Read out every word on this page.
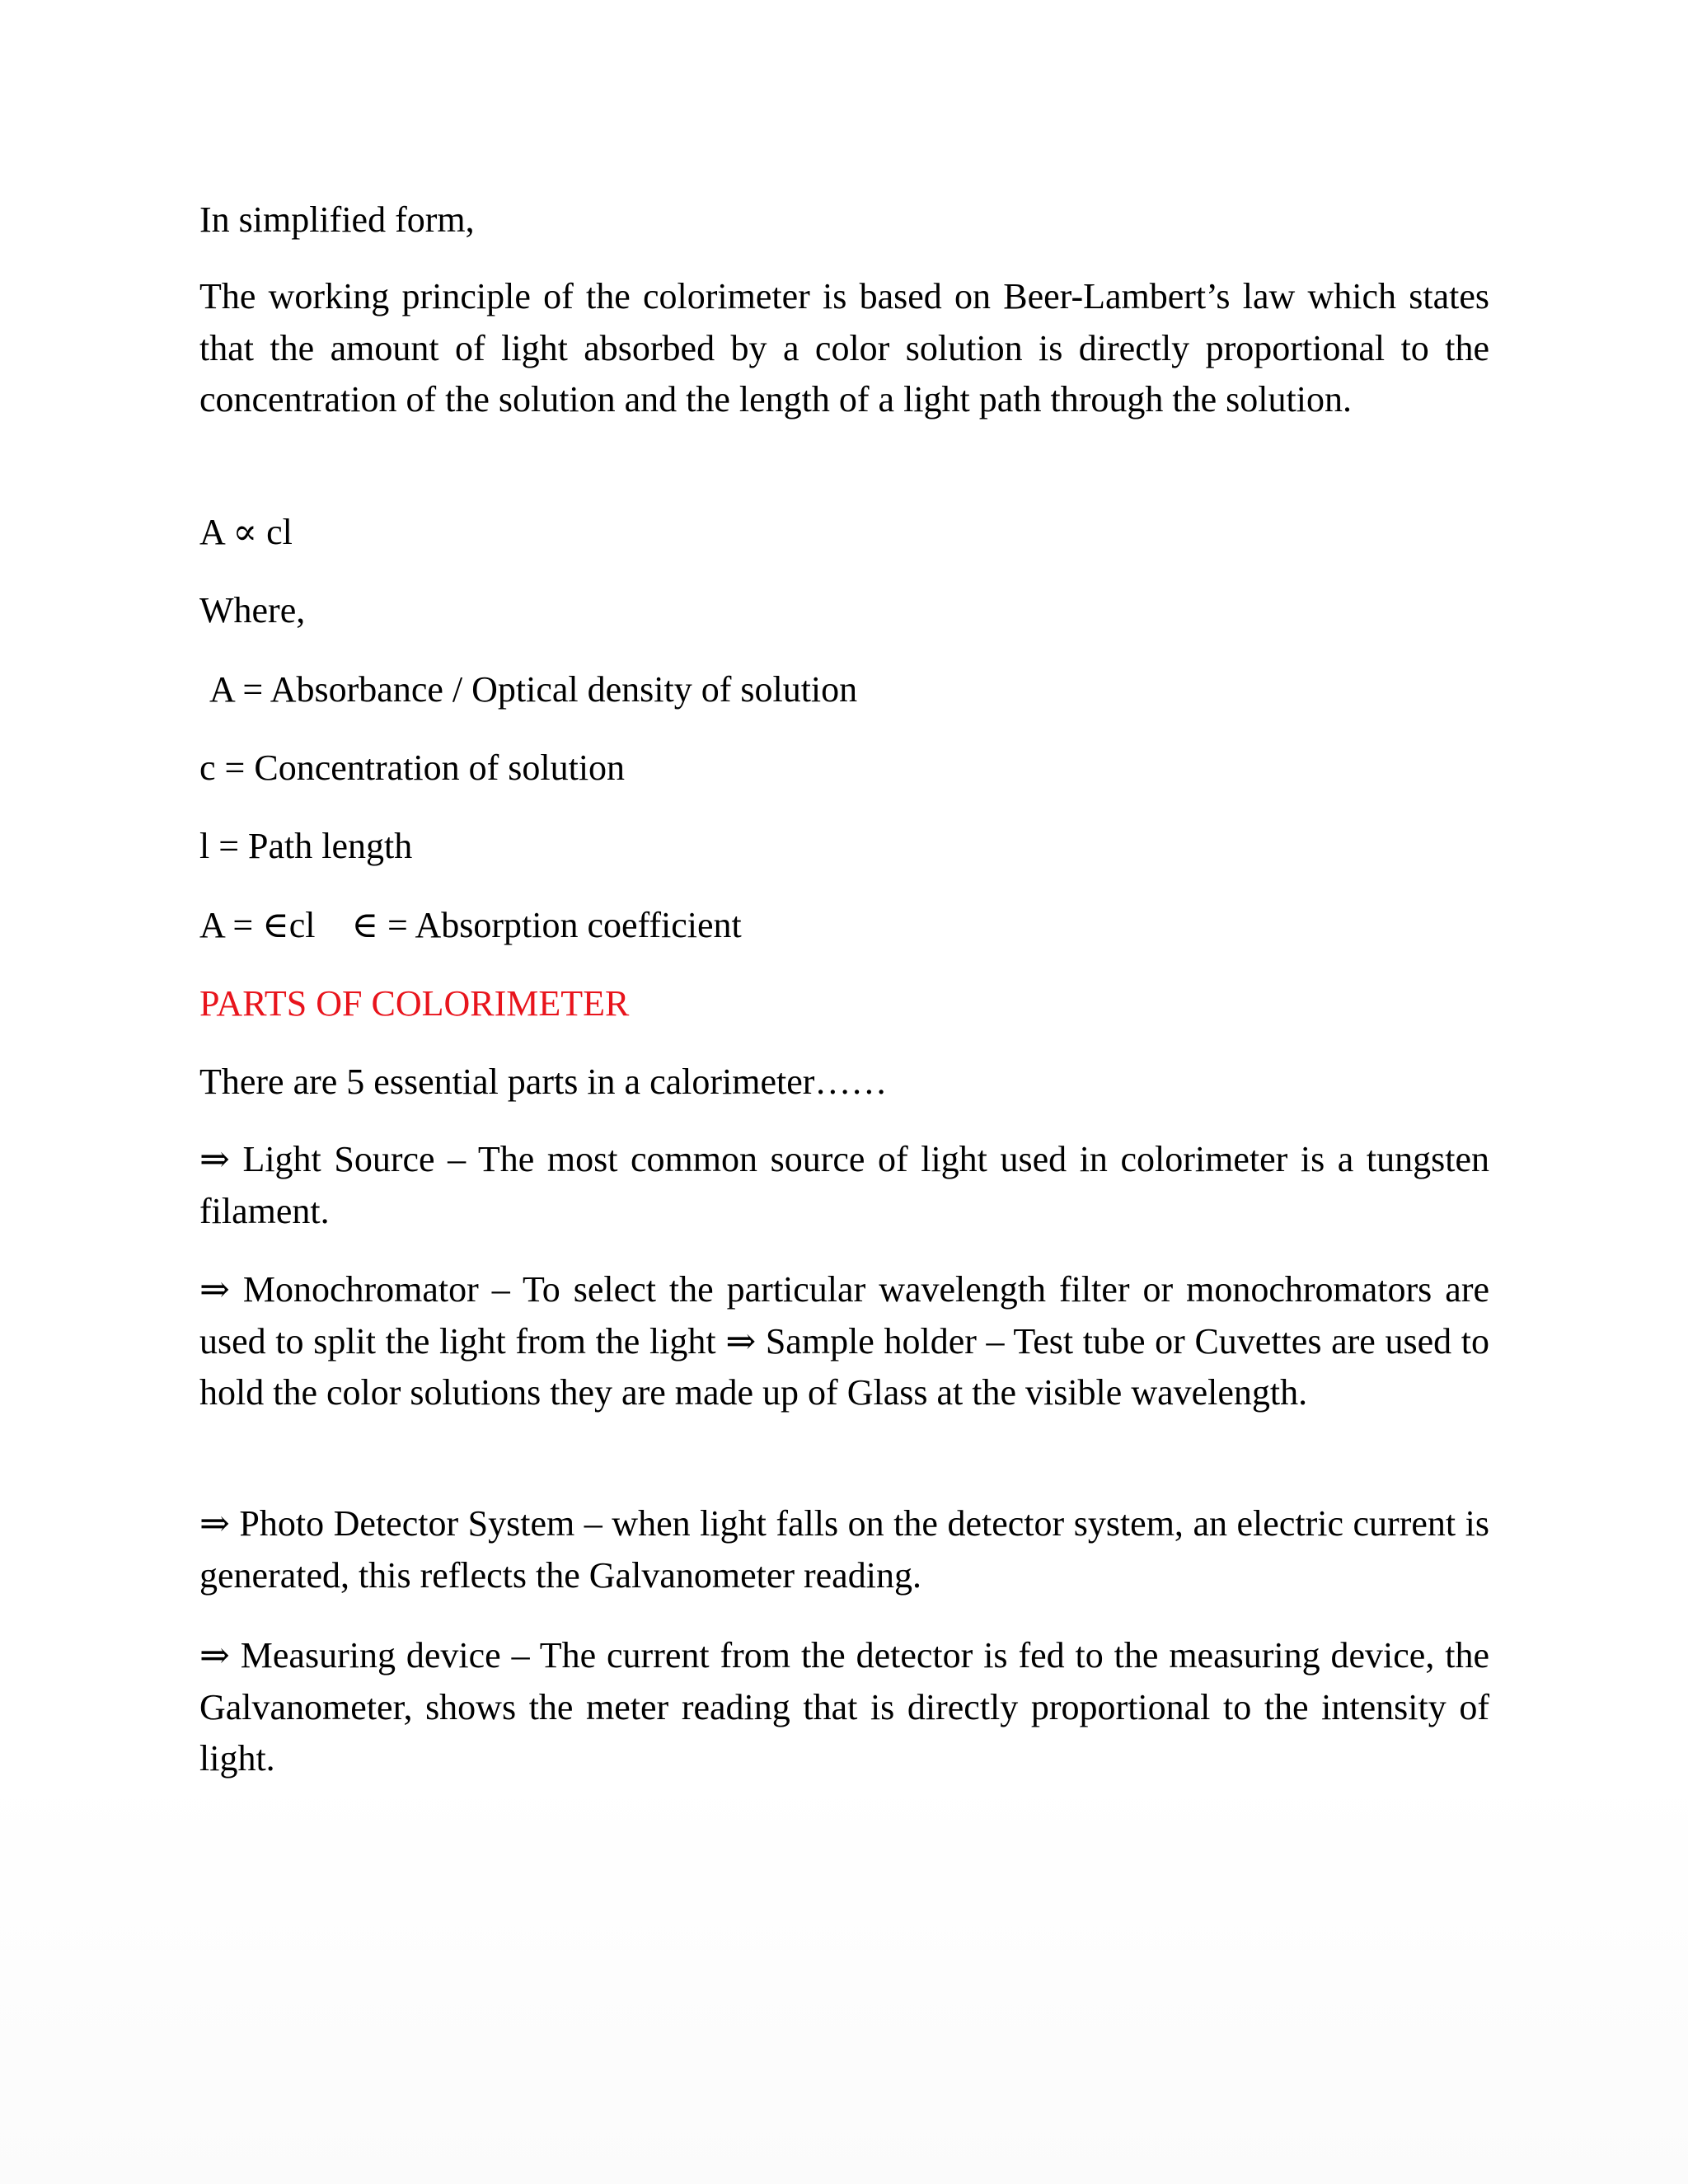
In simplified form,
The working principle of the colorimeter is based on Beer-Lambert’s law which states that the amount of light absorbed by a color solution is directly proportional to the concentration of the solution and the length of a light path through the solution.
A ∝ cl
Where,
A = Absorbance / Optical density of solution
c = Concentration of solution
l = Path length
A = ∈cl    ∈ = Absorption coefficient
PARTS OF COLORIMETER
There are 5 essential parts in a calorimeter……
⇒ Light Source – The most common source of light used in colorimeter is a tungsten filament.
⇒ Monochromator – To select the particular wavelength filter or monochromators are used to split the light from the light ⇒ Sample holder – Test tube or Cuvettes are used to hold the color solutions they are made up of Glass at the visible wavelength.
⇒ Photo Detector System – when light falls on the detector system, an electric current is generated, this reflects the Galvanometer reading.
⇒ Measuring device – The current from the detector is fed to the measuring device, the Galvanometer, shows the meter reading that is directly proportional to the intensity of light.
